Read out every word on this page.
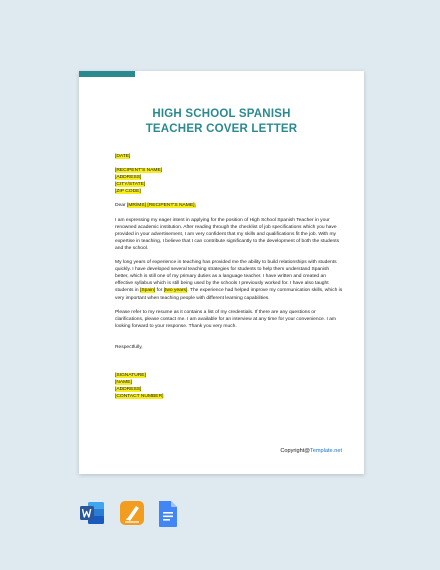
HIGH SCHOOL SPANISH
TEACHER COVER LETTER
[DATE]
[RECIPENT'S NAME]
[ADDRESS]
[CITY/STATE]
[ZIP CODE]
Dear [MR/MS] [RECIPENT'S NAME],
I am expressing my eager intent in applying for the position of High School Spanish Teacher in your renowned academic institution. After reading through the checklist of job specifications which you have provided in your advertisement, I am very confident that my skills and qualifications fit the job. With my expertise in teaching, I believe that I can contribute significantly to the development of both the students and the school.
My long years of experience in teaching has provided me the ability to build relationships with students quickly. I have developed several teaching strategies for students to help them understand Spanish better, which is still one of my primary duties as a language teacher. I have written and created an effective syllabus which is still being used by the schools I previously worked for. I have also taught students in [Spain] for [two years]. The experience had helped improve my communication skills, which is very important when teaching people with different learning capabilities.
Please refer to my resume as it contains a list of my credentials. If there are any questions or clarifications, please contact me. I am available for an interview at any time for your convenience. I am looking forward to your response. Thank you very much.
Respectfully,
[SIGNATURE]
[NAME]
[ADDRESS]
[CONTACT NUMBER]
Copyright@Template.net
